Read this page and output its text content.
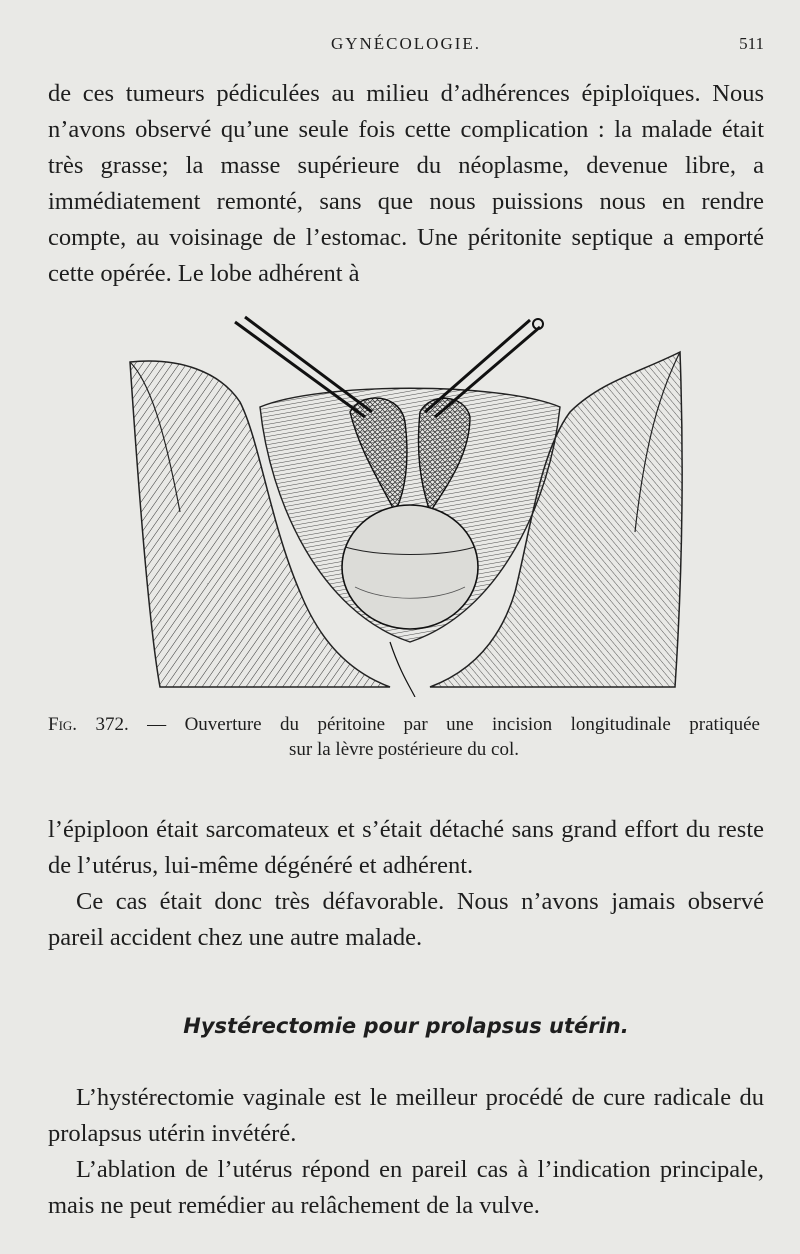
GYNÉCOLOGIE.	511

de ces tumeurs pédiculées au milieu d’adhérences épiploïques. Nous n’avons observé qu’une seule fois cette complication : la malade était très grasse; la masse supérieure du néoplasme, devenue libre, a immédiatement remonté, sans que nous puissions nous en rendre compte, au voisinage de l’estomac. Une péritonite septique a emporté cette opérée. Le lobe adhérent à

Fig. 372. — Ouverture du péritoine par une incision longitudinale pratiquée
sur la lèvre postérieure du col.

l’épiploon était sarcomateux et s’était détaché sans grand effort du reste de l’utérus, lui-même dégénéré et adhérent.

Ce cas était donc très défavorable. Nous n’avons jamais observé pareil accident chez une autre malade.

Hystérectomie pour prolapsus utérin.

L’hystérectomie vaginale est le meilleur procédé de cure radicale du prolapsus utérin invétéré.

L’ablation de l’utérus répond en pareil cas à l’indication principale, mais ne peut remédier au relâchement de la vulve.
